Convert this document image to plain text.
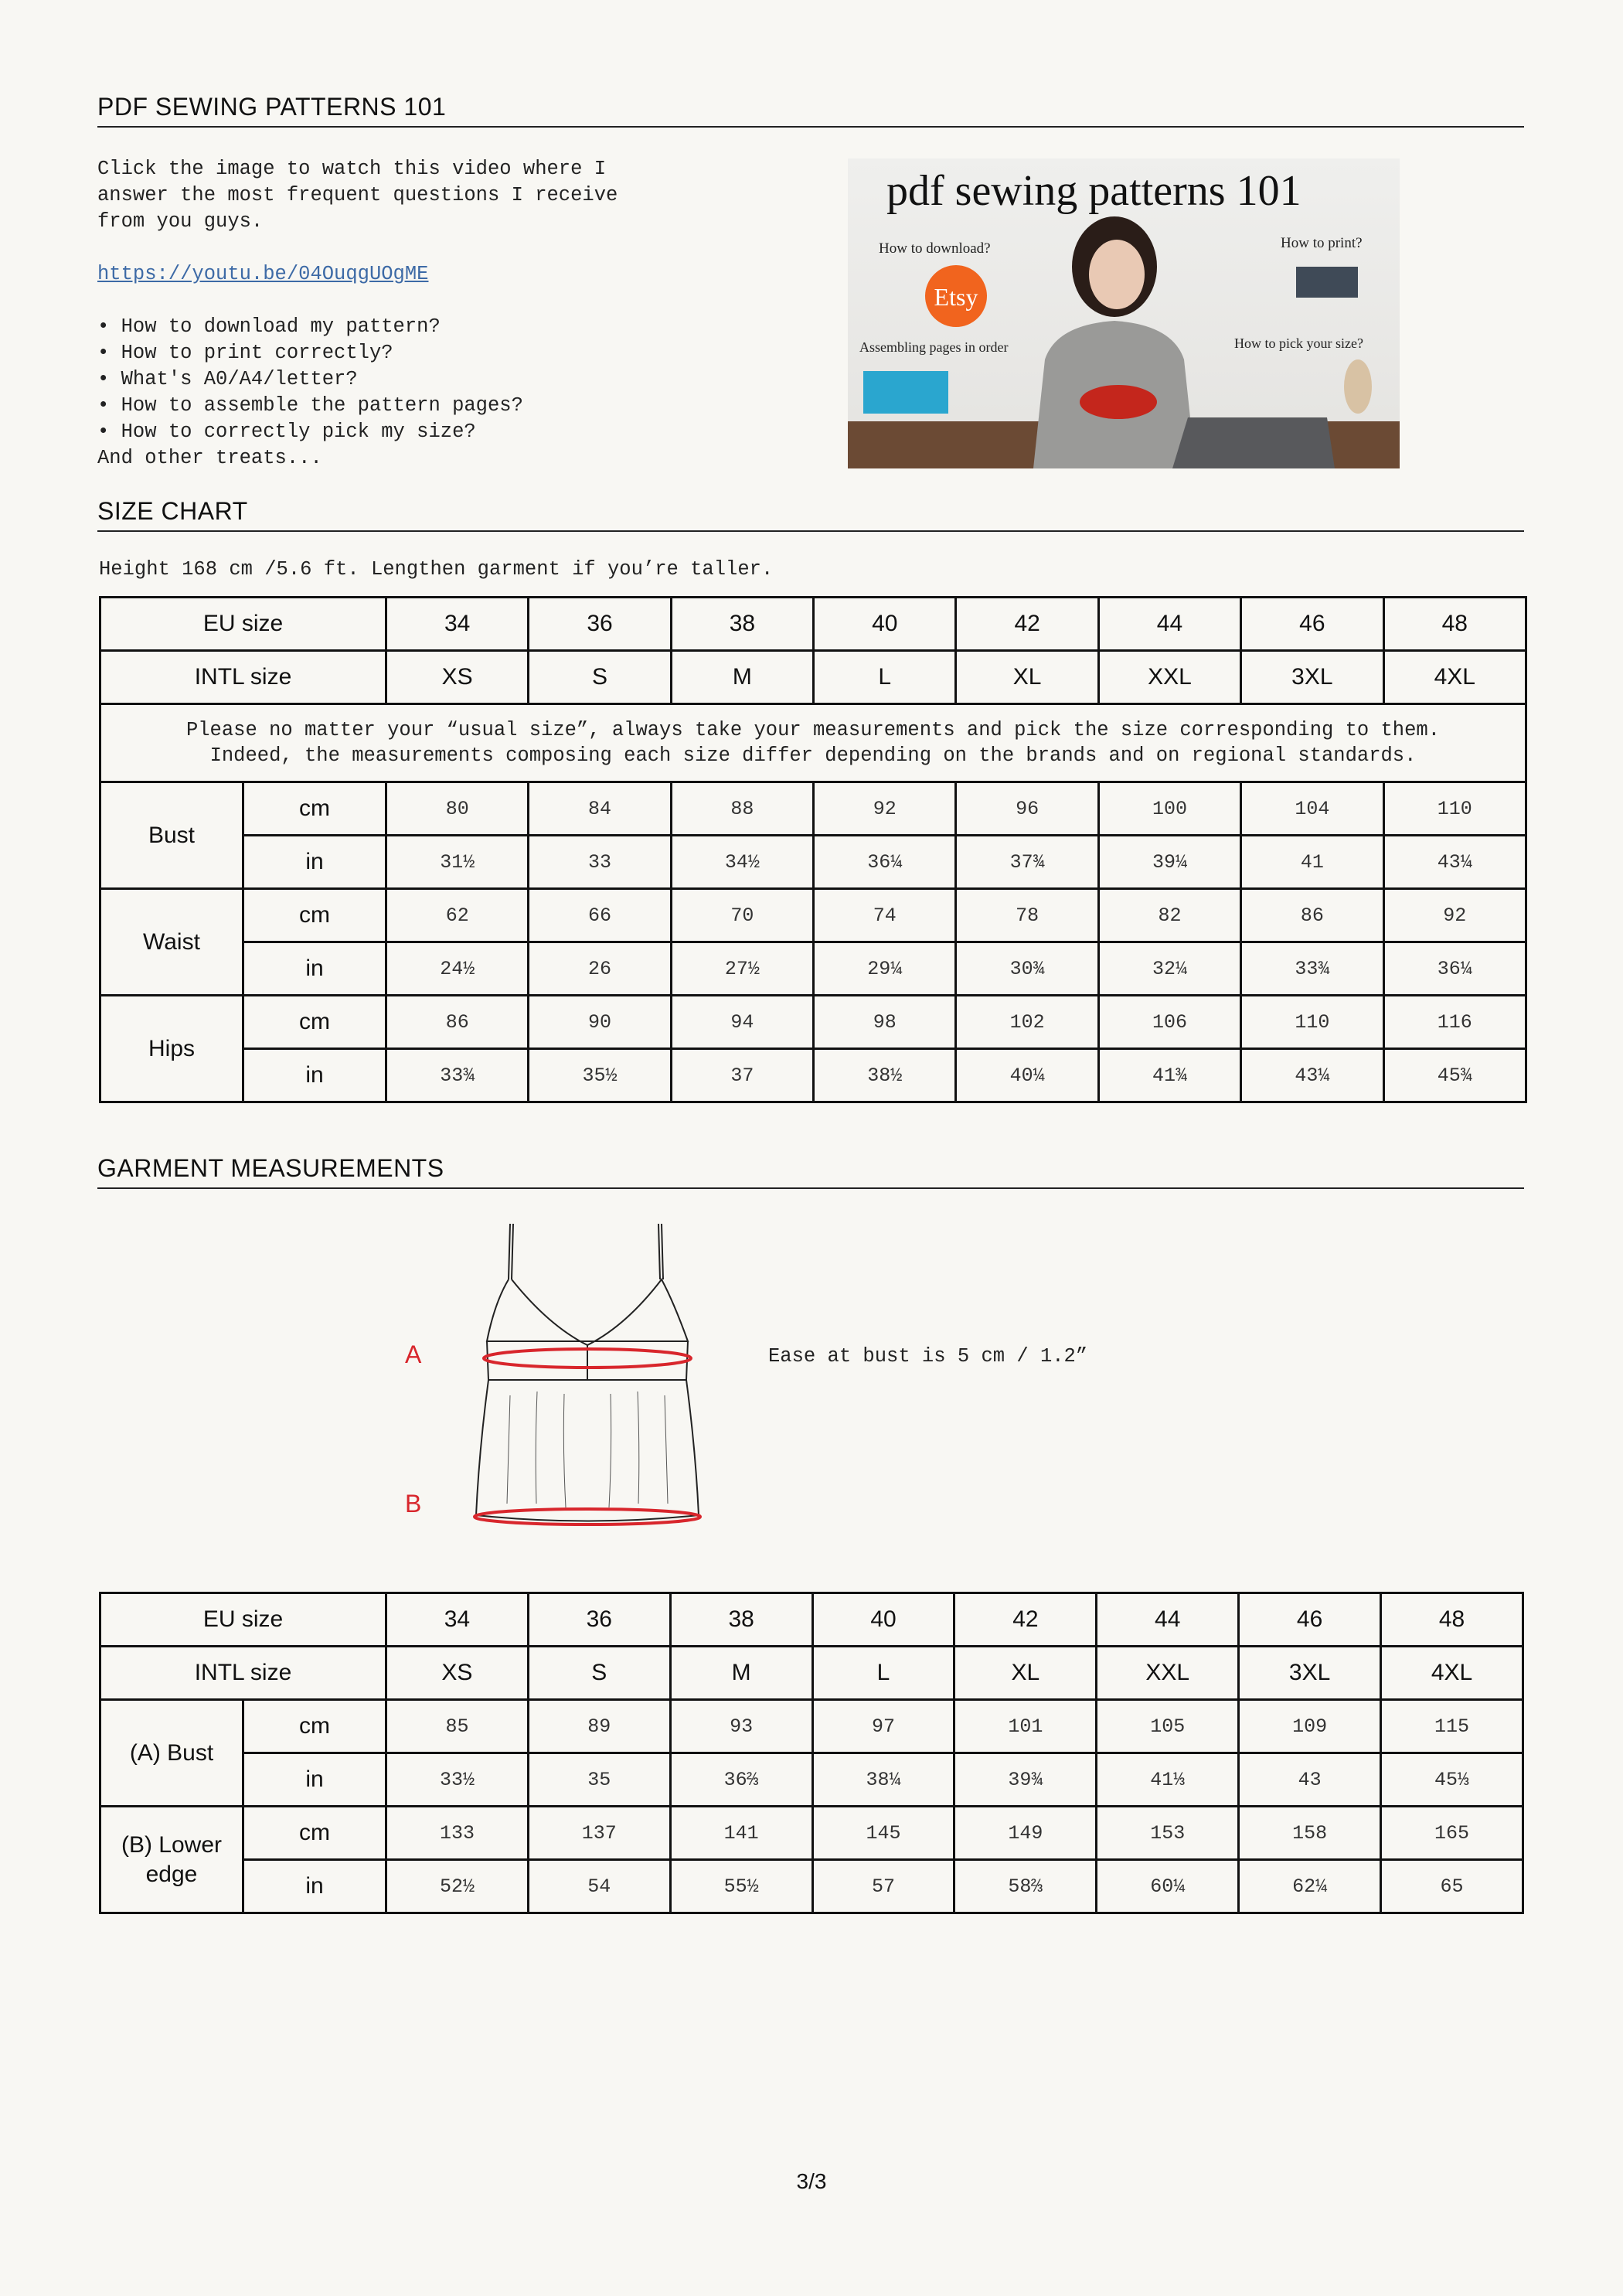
PDF SEWING PATTERNS 101
Click the image to watch this video where I
answer the most frequent questions I receive
from you guys.
https://youtu.be/04OuqgUOgME
• How to download my pattern?
• How to print correctly?
• What's A0/A4/letter?
• How to assemble the pattern pages?
• How to correctly pick my size?
And other treats...
Etsy
pdf sewing patterns 101
How to download?	How to print?
Assembling pages in order	How to pick your size?
SIZE CHART
Height 168 cm /5.6 ft. Lengthen garment if you’re taller.
EU size		34	36	38	40	42	44	46	48
INTL size		XS	S	M	L	XL	XXL	3XL	4XL

Please no matter your “usual size”, always take your measurements and pick the size corresponding to them.
Indeed, the measurements composing each size differ depending on the brands and on regional standards.									

Bust	cm	80	84	88	92	96	100	104	110
	in	31½	33	34½	36¼	37¾	39¼	41	43¼
Waist	cm	62	66	70	74	78	82	86	92
	in	24½	26	27½	29¼	30¾	32¼	33¾	36¼
Hips	cm	86	90	94	98	102	106	110	116
	in	33¾	35½	37	38½	40¼	41¾	43¼	45¾
GARMENT MEASUREMENTS
A
B
Ease at bust is 5 cm / 1.2”
EU size		34	36	38	40	42	44	46	48
INTL size		XS	S	M	L	XL	XXL	3XL	4XL
(A) Bust	cm	85	89	93	97	101	105	109	115
	in	33½	35	36⅔	38¼	39¾	41⅓	43	45⅓
(B) Lower edge	cm	133	137	141	145	149	153	158	165
	in	52½	54	55½	57	58⅔	60¼	62¼	65
3/3
